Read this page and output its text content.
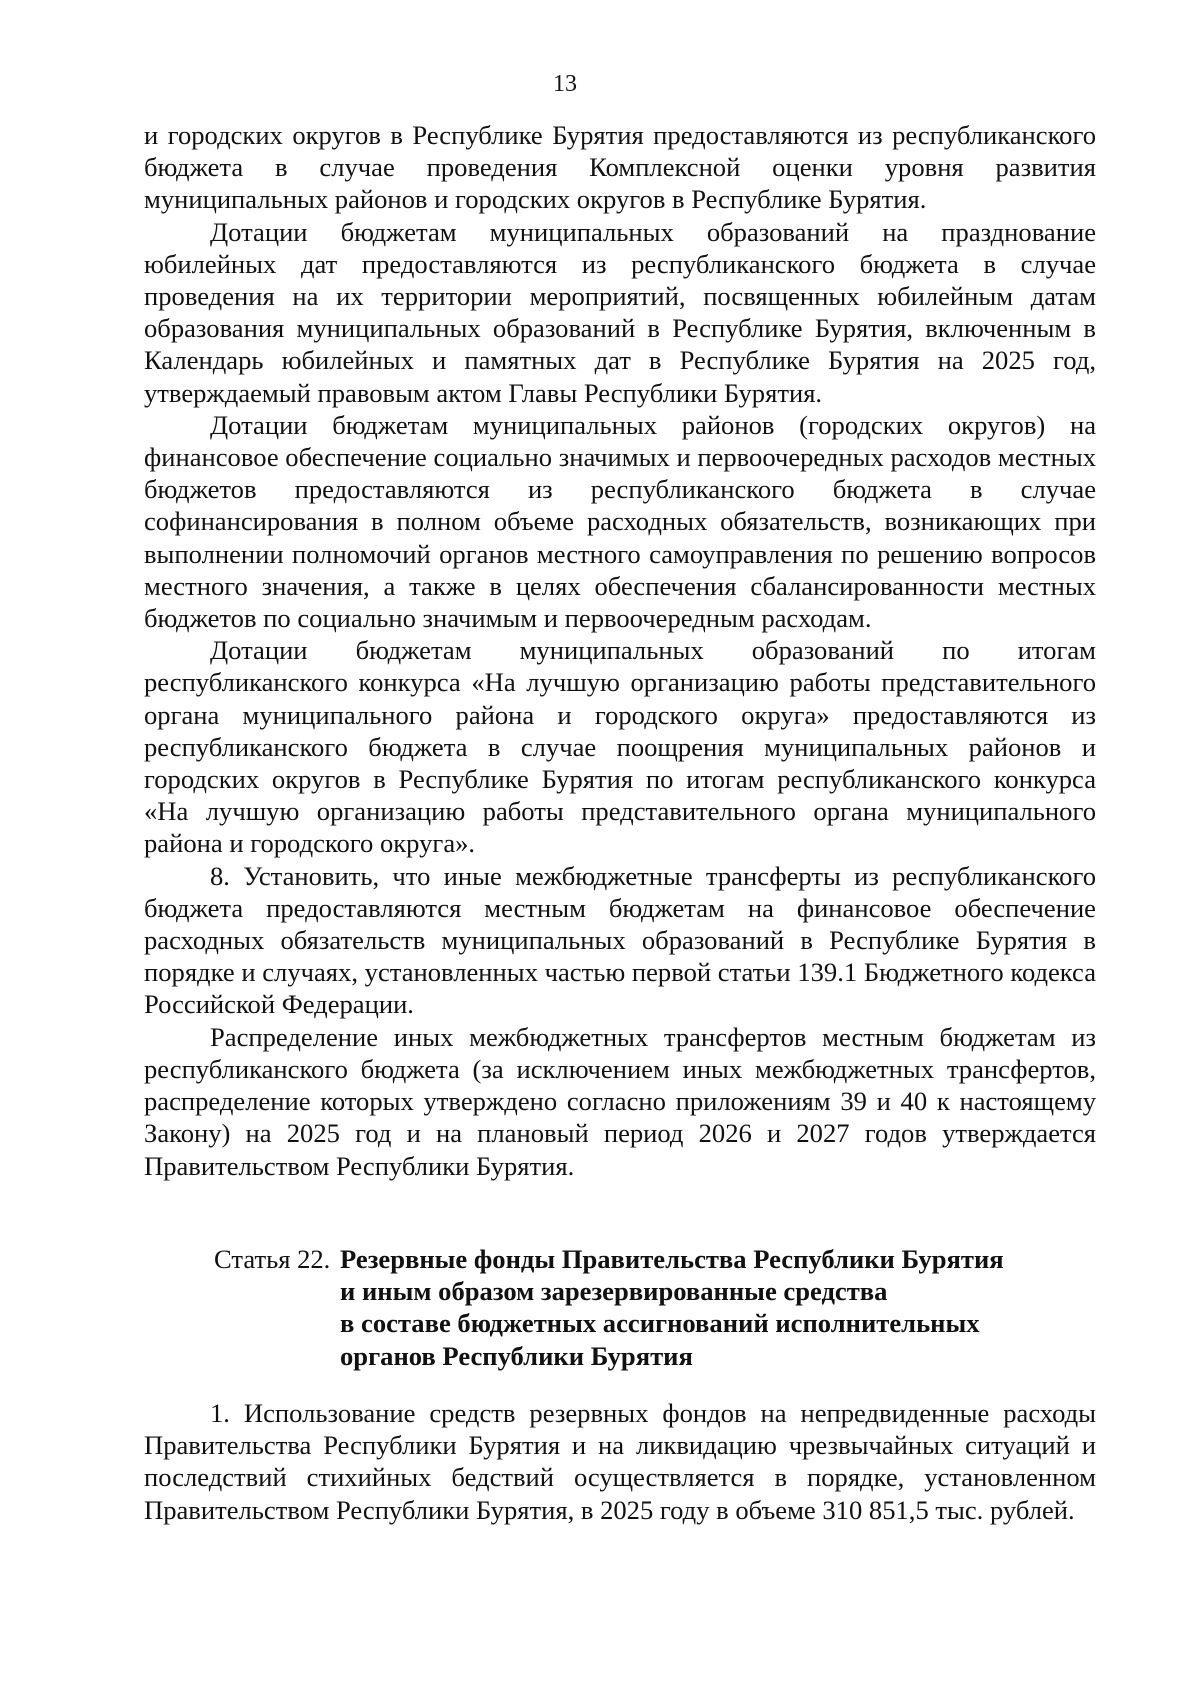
13

и городских округов в Республике Бурятия предоставляются из республиканского бюджета в случае проведения Комплексной оценки уровня развития муниципальных районов и городских округов в Республике Бурятия.

Дотации бюджетам муниципальных образований на празднование юбилейных дат предоставляются из республиканского бюджета в случае проведения на их территории мероприятий, посвященных юбилейным датам образования муниципальных образований в Республике Бурятия, включенным в Календарь юбилейных и памятных дат в Республике Бурятия на 2025 год, утверждаемый правовым актом Главы Республики Бурятия.

Дотации бюджетам муниципальных районов (городских округов) на финансовое обеспечение социально значимых и первоочередных расходов местных бюджетов предоставляются из республиканского бюджета в случае софинансирования в полном объеме расходных обязательств, возникающих при выполнении полномочий органов местного самоуправления по решению вопросов местного значения, а также в целях обеспечения сбалансированности местных бюджетов по социально значимым и первоочередным расходам.

Дотации бюджетам муниципальных образований по итогам республиканского конкурса «На лучшую организацию работы представительного органа муниципального района и городского округа» предоставляются из республиканского бюджета в случае поощрения муниципальных районов и городских округов в Республике Бурятия по итогам республиканского конкурса «На лучшую организацию работы представительного органа муниципального района и городского округа».

8. Установить, что иные межбюджетные трансферты из республиканского бюджета предоставляются местным бюджетам на финансовое обеспечение расходных обязательств муниципальных образований в Республике Бурятия в порядке и случаях, установленных частью первой статьи 139.1 Бюджетного кодекса Российской Федерации.

Распределение иных межбюджетных трансфертов местным бюджетам из республиканского бюджета (за исключением иных межбюджетных трансфертов, распределение которых утверждено согласно приложениям 39 и 40 к настоящему Закону) на 2025 год и на плановый период 2026 и 2027 годов утверждается Правительством Республики Бурятия.

Статья 22. Резервные фонды Правительства Республики Бурятия
и иным образом зарезервированные средства
в составе бюджетных ассигнований исполнительных
органов Республики Бурятия

1. Использование средств резервных фондов на непредвиденные расходы Правительства Республики Бурятия и на ликвидацию чрезвычайных ситуаций и последствий стихийных бедствий осуществляется в порядке, установленном Правительством Республики Бурятия, в 2025 году в объеме 310 851,5 тыс. рублей.
